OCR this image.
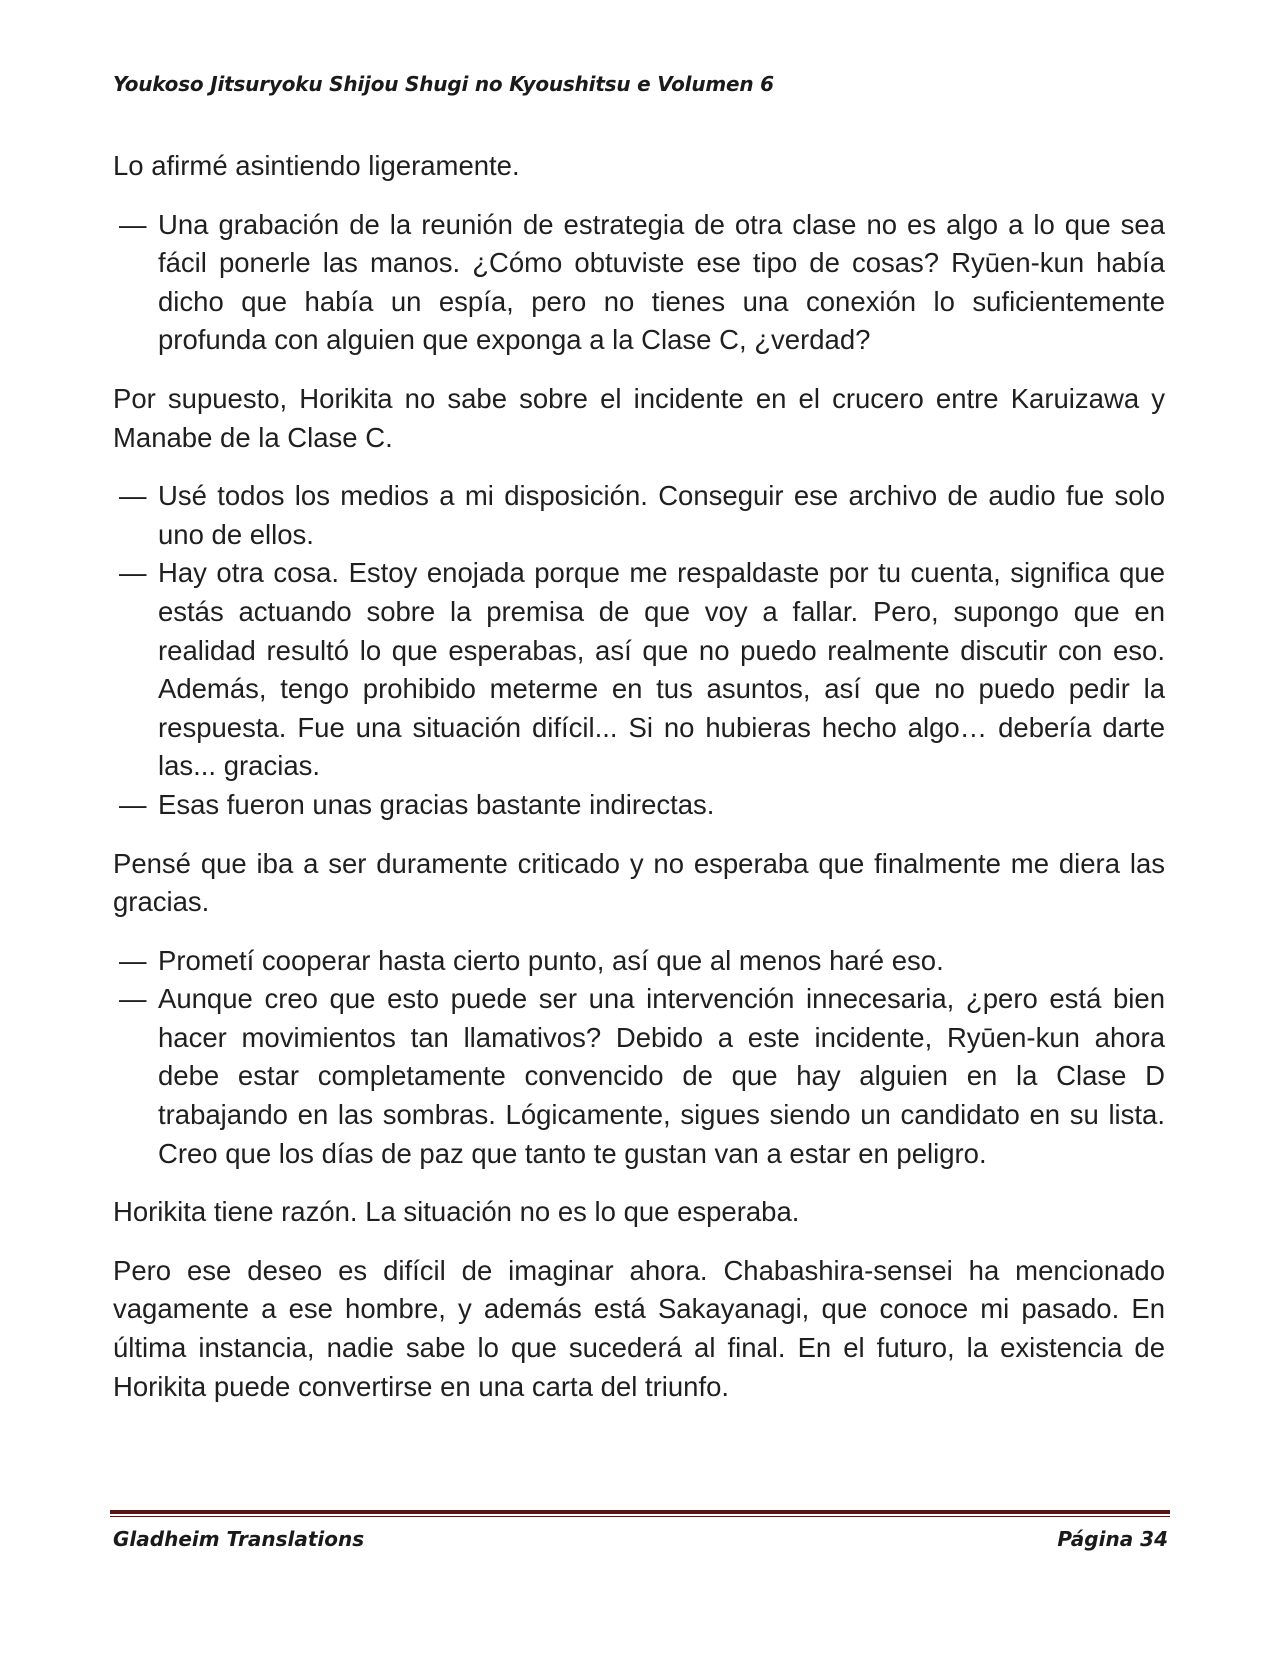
Youkoso Jitsuryoku Shijou Shugi no Kyoushitsu e Volumen 6

Lo afirmé asintiendo ligeramente.

— Una grabación de la reunión de estrategia de otra clase no es algo a lo que sea fácil ponerle las manos. ¿Cómo obtuviste ese tipo de cosas? Ryūen-kun había dicho que había un espía, pero no tienes una conexión lo suficientemente profunda con alguien que exponga a la Clase C, ¿verdad?

Por supuesto, Horikita no sabe sobre el incidente en el crucero entre Karuizawa y Manabe de la Clase C.

— Usé todos los medios a mi disposición. Conseguir ese archivo de audio fue solo uno de ellos.
— Hay otra cosa. Estoy enojada porque me respaldaste por tu cuenta, significa que estás actuando sobre la premisa de que voy a fallar. Pero, supongo que en realidad resultó lo que esperabas, así que no puedo realmente discutir con eso. Además, tengo prohibido meterme en tus asuntos, así que no puedo pedir la respuesta. Fue una situación difícil... Si no hubieras hecho algo… debería darte las... gracias.
— Esas fueron unas gracias bastante indirectas.

Pensé que iba a ser duramente criticado y no esperaba que finalmente me diera las gracias.

— Prometí cooperar hasta cierto punto, así que al menos haré eso.
— Aunque creo que esto puede ser una intervención innecesaria, ¿pero está bien hacer movimientos tan llamativos? Debido a este incidente, Ryūen-kun ahora debe estar completamente convencido de que hay alguien en la Clase D trabajando en las sombras. Lógicamente, sigues siendo un candidato en su lista. Creo que los días de paz que tanto te gustan van a estar en peligro.

Horikita tiene razón. La situación no es lo que esperaba.

Pero ese deseo es difícil de imaginar ahora. Chabashira-sensei ha mencionado vagamente a ese hombre, y además está Sakayanagi, que conoce mi pasado. En última instancia, nadie sabe lo que sucederá al final. En el futuro, la existencia de Horikita puede convertirse en una carta del triunfo.

Gladheim Translations	Página 34
